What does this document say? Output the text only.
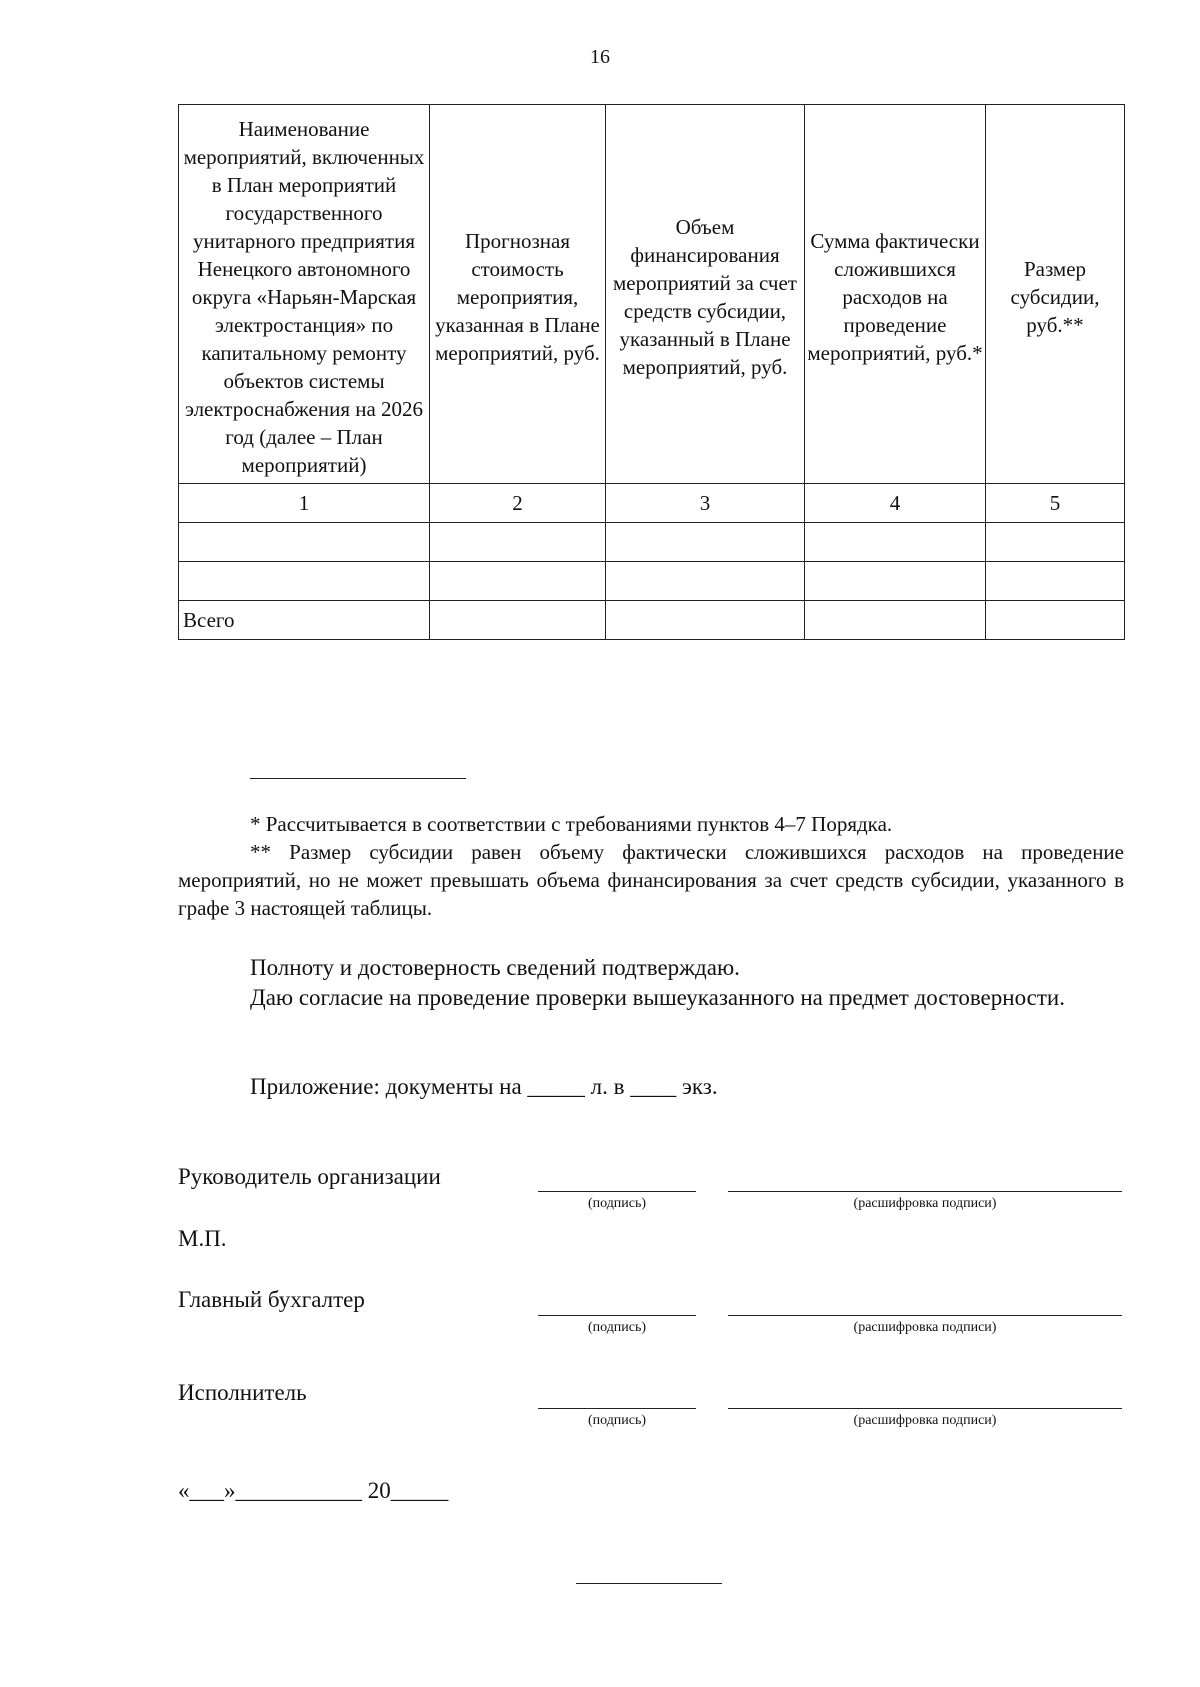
16
Наименование мероприятий, включенных в План мероприятий государственного унитарного предприятия Ненецкого автономного округа «Нарьян-Марская электростанция» по капитальному ремонту объектов системы электроснабжения на 2026 год (далее – План мероприятий)	Прогнозная стоимость мероприятия, указанная в Плане мероприятий, руб.	Объем финансирования мероприятий за счет средств субсидии, указанный в Плане мероприятий, руб.	Сумма фактически сложившихся расходов на проведение мероприятий, руб.*	Размер субсидии, руб.**
1	2	3	4	5

Всего				
* Рассчитывается в соответствии с требованиями пунктов 4–7 Порядка.
** Размер субсидии равен объему фактически сложившихся расходов на проведение мероприятий, но не может превышать объема финансирования за счет средств субсидии, указанного в графе 3 настоящей таблицы.
Полноту и достоверность сведений подтверждаю.
Даю согласие на проведение проверки вышеуказанного на предмет достоверности.
Приложение: документы на _____ л. в ____ экз.
Руководитель организации
(подпись)	(расшифровка подписи)
М.П.
Главный бухгалтер
(подпись)	(расшифровка подписи)
Исполнитель
(подпись)	(расшифровка подписи)
«___»___________ 20_____
